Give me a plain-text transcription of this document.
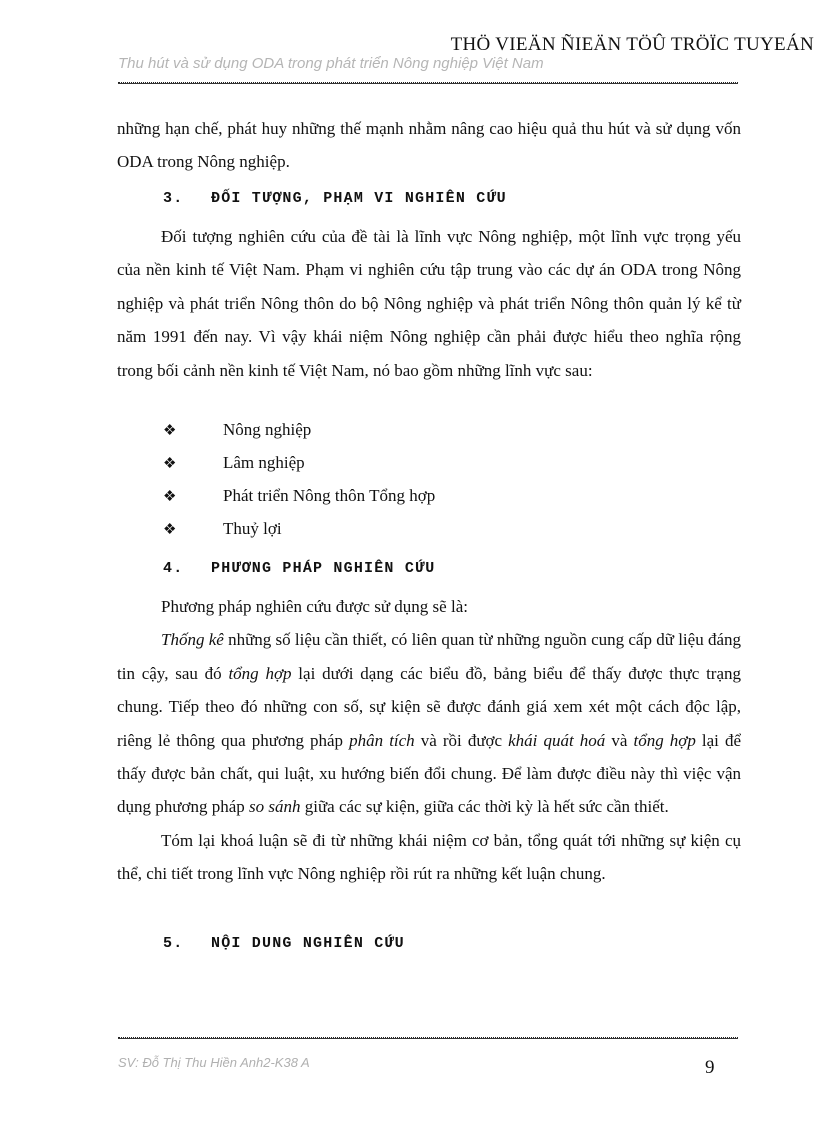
THÖ VIEÄN ÑIEÄN TÖÛ TRÖÏC TUYEÁN
Thu hút và sử dụng ODA trong phát triển Nông nghiệp Việt Nam

những hạn chế, phát huy những thế mạnh nhằm nâng cao hiệu quả thu hút và sử dụng vốn ODA trong Nông nghiệp.

3. ĐỐI TƯỢNG, PHẠM VI NGHIÊN CỨU

Đối tượng nghiên cứu của đề tài là lĩnh vực Nông nghiệp, một lĩnh vực trọng yếu của nền kinh tế Việt Nam. Phạm vi nghiên cứu tập trung vào các dự án ODA trong Nông nghiệp và phát triển Nông thôn do bộ Nông nghiệp và phát triển Nông thôn quản lý kể từ năm 1991 đến nay. Vì vậy khái niệm Nông nghiệp cần phải được hiểu theo nghĩa rộng trong bối cảnh nền kinh tế Việt Nam, nó bao gồm những lĩnh vực sau:

❖	Nông nghiệp
❖	Lâm nghiệp
❖	Phát triển Nông thôn Tổng hợp
❖	Thuỷ lợi
4. PHƯƠNG PHÁP NGHIÊN CỨU

Phương pháp nghiên cứu được sử dụng sẽ là:

Thống kê những số liệu cần thiết, có liên quan từ những nguồn cung cấp dữ liệu đáng tin cậy, sau đó tổng hợp lại dưới dạng các biểu đồ, bảng biểu để thấy được thực trạng chung. Tiếp theo đó những con số, sự kiện sẽ được đánh giá xem xét một cách độc lập, riêng lẻ thông qua phương pháp phân tích và rồi được khái quát hoá và tổng hợp lại để thấy được bản chất, qui luật, xu hướng biến đổi chung. Để làm được điều này thì việc vận dụng phương pháp so sánh giữa các sự kiện, giữa các thời kỳ là hết sức cần thiết.

Tóm lại khoá luận sẽ đi từ những khái niệm cơ bản, tổng quát tới những sự kiện cụ thể, chi tiết trong lĩnh vực Nông nghiệp rồi rút ra những kết luận chung.

5. NỘI DUNG NGHIÊN CỨU
SV: Đỗ Thị Thu Hiền Anh2-K38 A	9
